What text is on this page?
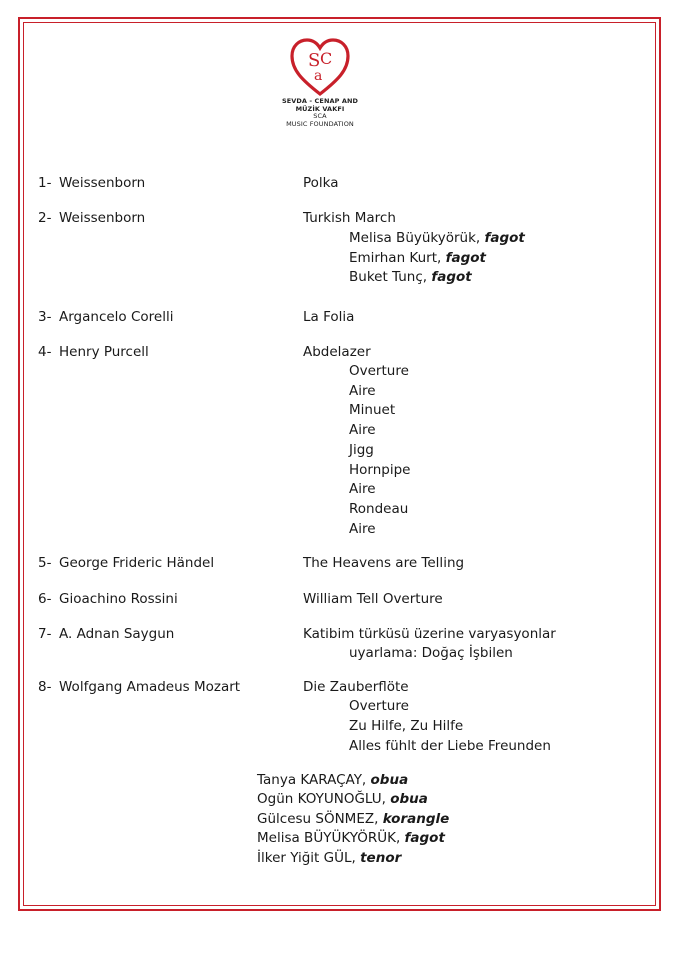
S C
a
SEVDA - CENAP AND
MÜZİK VAKFI
SCA
MUSIC FOUNDATION
1- Weissenborn	Polka
2- Weissenborn	Turkish March
Melisa Büyükyörük, fagot
Emirhan Kurt, fagot
Buket Tunç, fagot
3- Argancelo Corelli	La Folia
4- Henry Purcell	Abdelazer
Overture
Aire
Minuet
Aire
Jigg
Hornpipe
Aire
Rondeau
Aire
5- George Frideric Händel	The Heavens are Telling
6- Gioachino Rossini	William Tell Overture
7- A. Adnan Saygun	Katibim türküsü üzerine varyasyonlar
uyarlama: Doğaç İşbilen
8- Wolfgang Amadeus Mozart	Die Zauberflöte
Overture
Zu Hilfe, Zu Hilfe
Alles fühlt der Liebe Freunden
Tanya KARAÇAY, obua
Ogün KOYUNOĞLU, obua
Gülcesu SÖNMEZ, korangle
Melisa BÜYÜKYÖRÜK, fagot
İlker Yiğit GÜL, tenor
